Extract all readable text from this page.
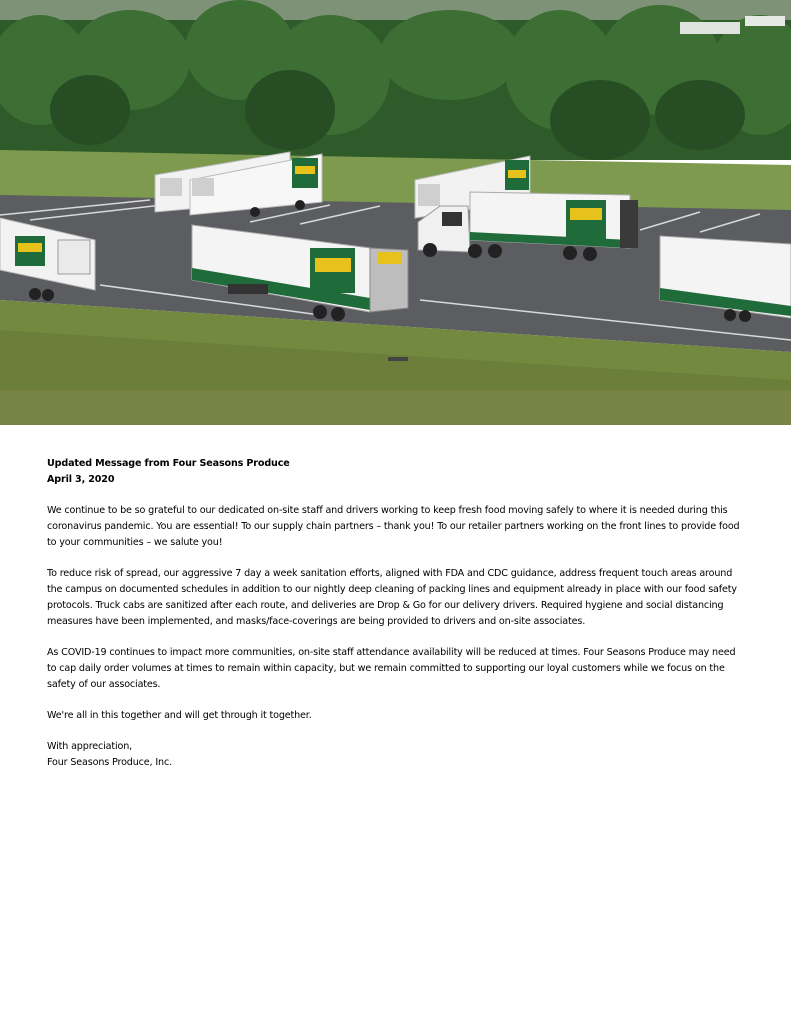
Updated Message from Four Seasons Produce
April 3, 2020

We continue to be so grateful to our dedicated on-site staff and drivers working to keep fresh food moving safely to where it is needed during this coronavirus pandemic. You are essential! To our supply chain partners – thank you! To our retailer partners working on the front lines to provide food to your communities – we salute you!

To reduce risk of spread, our aggressive 7 day a week sanitation efforts, aligned with FDA and CDC guidance, address frequent touch areas around the campus on documented schedules in addition to our nightly deep cleaning of packing lines and equipment already in place with our food safety protocols. Truck cabs are sanitized after each route, and deliveries are Drop & Go for our delivery drivers. Required hygiene and social distancing measures have been implemented, and masks/face-coverings are being provided to drivers and on-site associates.

As COVID-19 continues to impact more communities, on-site staff attendance availability will be reduced at times. Four Seasons Produce may need to cap daily order volumes at times to remain within capacity, but we remain committed to supporting our loyal customers while we focus on the safety of our associates.

We're all in this together and will get through it together.

With appreciation,

Four Seasons Produce, Inc.
